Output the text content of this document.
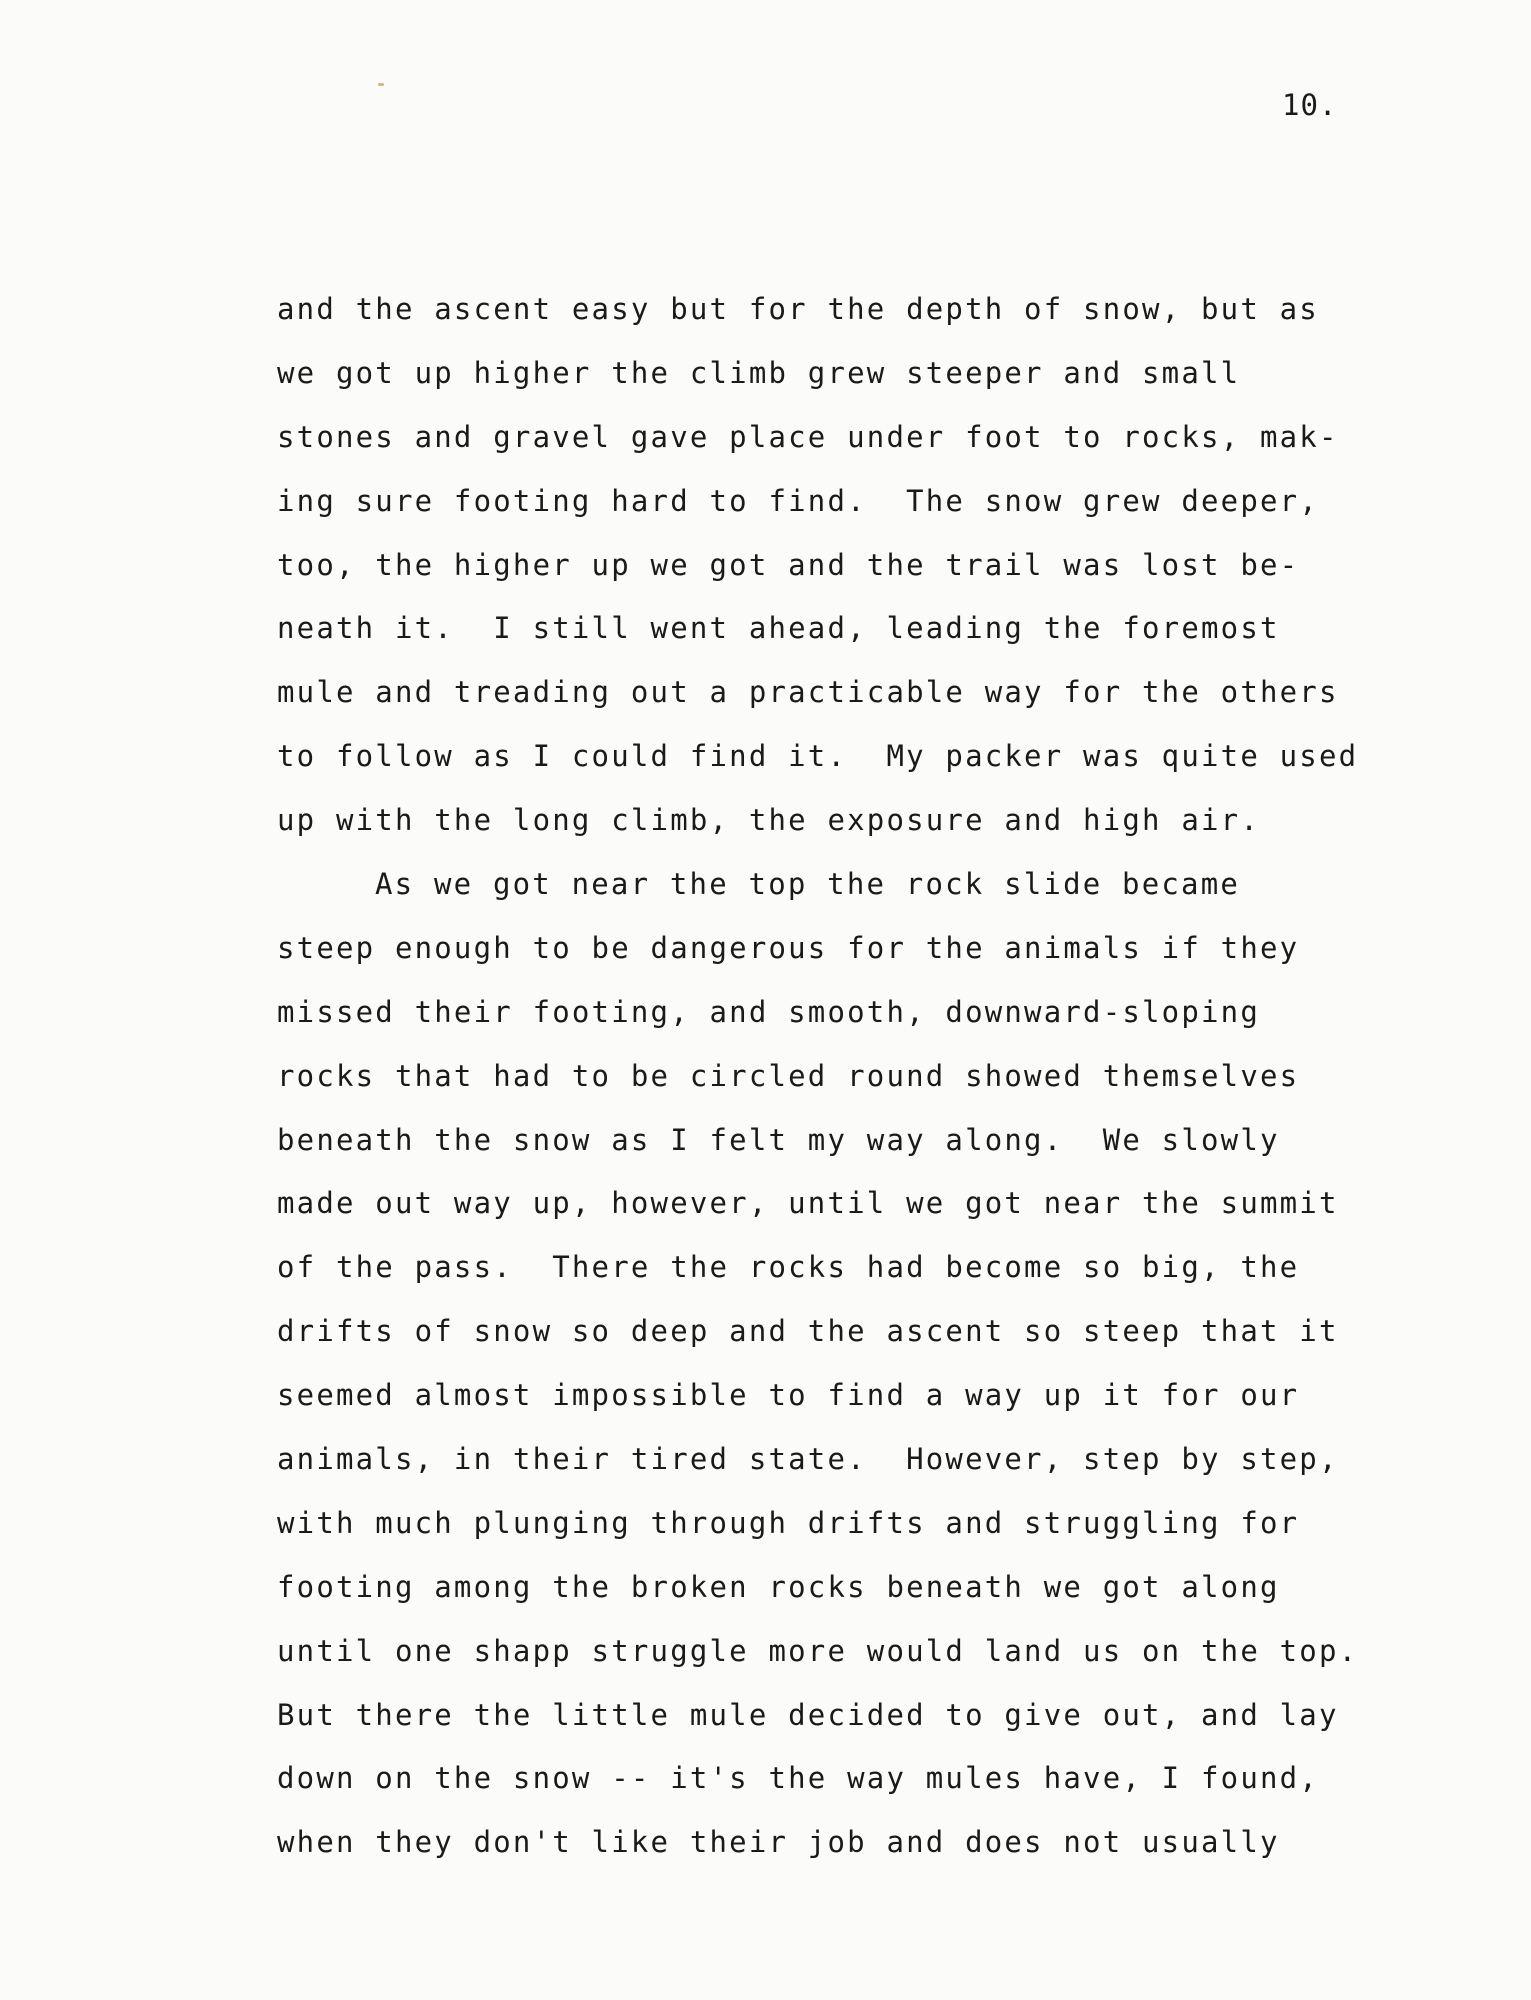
10.
and the ascent easy but for the depth of snow, but as
we got up higher the climb grew steeper and small
stones and gravel gave place under foot to rocks, mak-
ing sure footing hard to find.  The snow grew deeper,
too, the higher up we got and the trail was lost be-
neath it.  I still went ahead, leading the foremost
mule and treading out a practicable way for the others
to follow as I could find it.  My packer was quite used
up with the long climb, the exposure and high air.
As we got near the top the rock slide became
steep enough to be dangerous for the animals if they
missed their footing, and smooth, downward-sloping
rocks that had to be circled round showed themselves
beneath the snow as I felt my way along.  We slowly
made out way up, however, until we got near the summit
of the pass.  There the rocks had become so big, the
drifts of snow so deep and the ascent so steep that it
seemed almost impossible to find a way up it for our
animals, in their tired state.  However, step by step,
with much plunging through drifts and struggling for
footing among the broken rocks beneath we got along
until one shapp struggle more would land us on the top.
But there the little mule decided to give out, and lay
down on the snow -- it's the way mules have, I found,
when they don't like their job and does not usually
